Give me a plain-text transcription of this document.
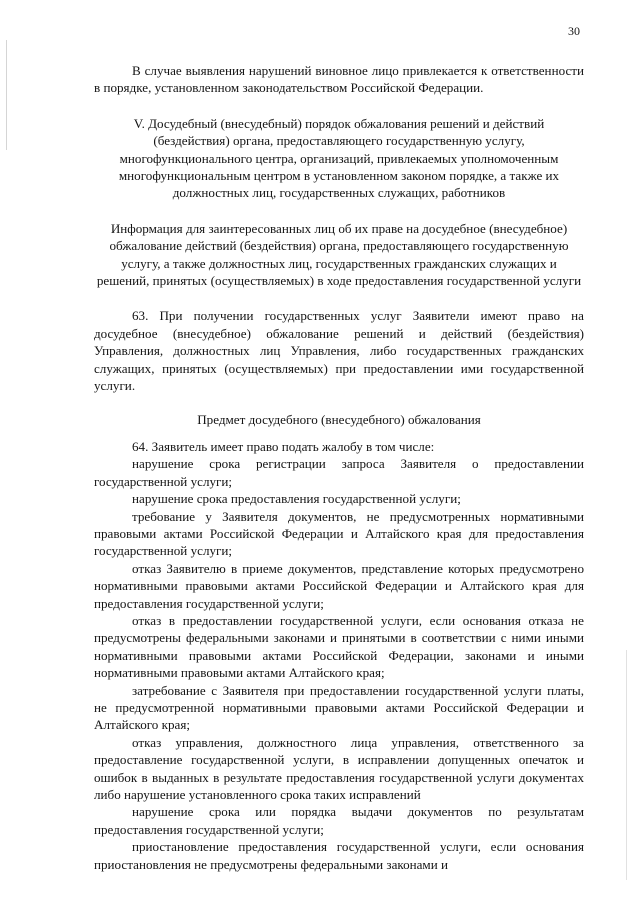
30

В случае выявления нарушений виновное лицо привлекается к ответственности в порядке, установленном законодательством Российской Федерации.

V. Досудебный (внесудебный) порядок обжалования решений и действий (бездействия) органа, предоставляющего государственную услугу, многофункционального центра, организаций, привлекаемых уполномоченным многофункциональным центром в установленном законом порядке, а также их должностных лиц, государственных служащих, работников

Информация для заинтересованных лиц об их праве на досудебное (внесудебное) обжалование действий (бездействия) органа, предоставляющего государственную услугу, а также должностных лиц, государственных гражданских служащих и решений, принятых (осуществляемых) в ходе предоставления государственной услуги

63. При получении государственных услуг Заявители имеют право на досудебное (внесудебное) обжалование решений и действий (бездействия) Управления, должностных лиц Управления, либо государственных гражданских служащих, принятых (осуществляемых) при предоставлении ими государственной услуги.

Предмет досудебного (внесудебного) обжалования

64. Заявитель имеет право подать жалобу в том числе:

нарушение срока регистрации запроса Заявителя о предоставлении государственной услуги;

нарушение срока предоставления государственной услуги;

требование у Заявителя документов, не предусмотренных нормативными правовыми актами Российской Федерации и Алтайского края для предоставления государственной услуги;

отказ Заявителю в приеме документов, представление которых предусмотрено нормативными правовыми актами Российской Федерации и Алтайского края для предоставления государственной услуги;

отказ в предоставлении государственной услуги, если основания отказа не предусмотрены федеральными законами и принятыми в соответствии с ними иными нормативными правовыми актами Российской Федерации, законами и иными нормативными правовыми актами Алтайского края;

затребование с Заявителя при предоставлении государственной услуги платы, не предусмотренной нормативными правовыми актами Российской Федерации и Алтайского края;

отказ управления, должностного лица управления, ответственного за предоставление государственной услуги, в исправлении допущенных опечаток и ошибок в выданных в результате предоставления государственной услуги документах либо нарушение установленного срока таких исправлений

нарушение срока или порядка выдачи документов по результатам предоставления государственной услуги;

приостановление предоставления государственной услуги, если основания приостановления не предусмотрены федеральными законами и
